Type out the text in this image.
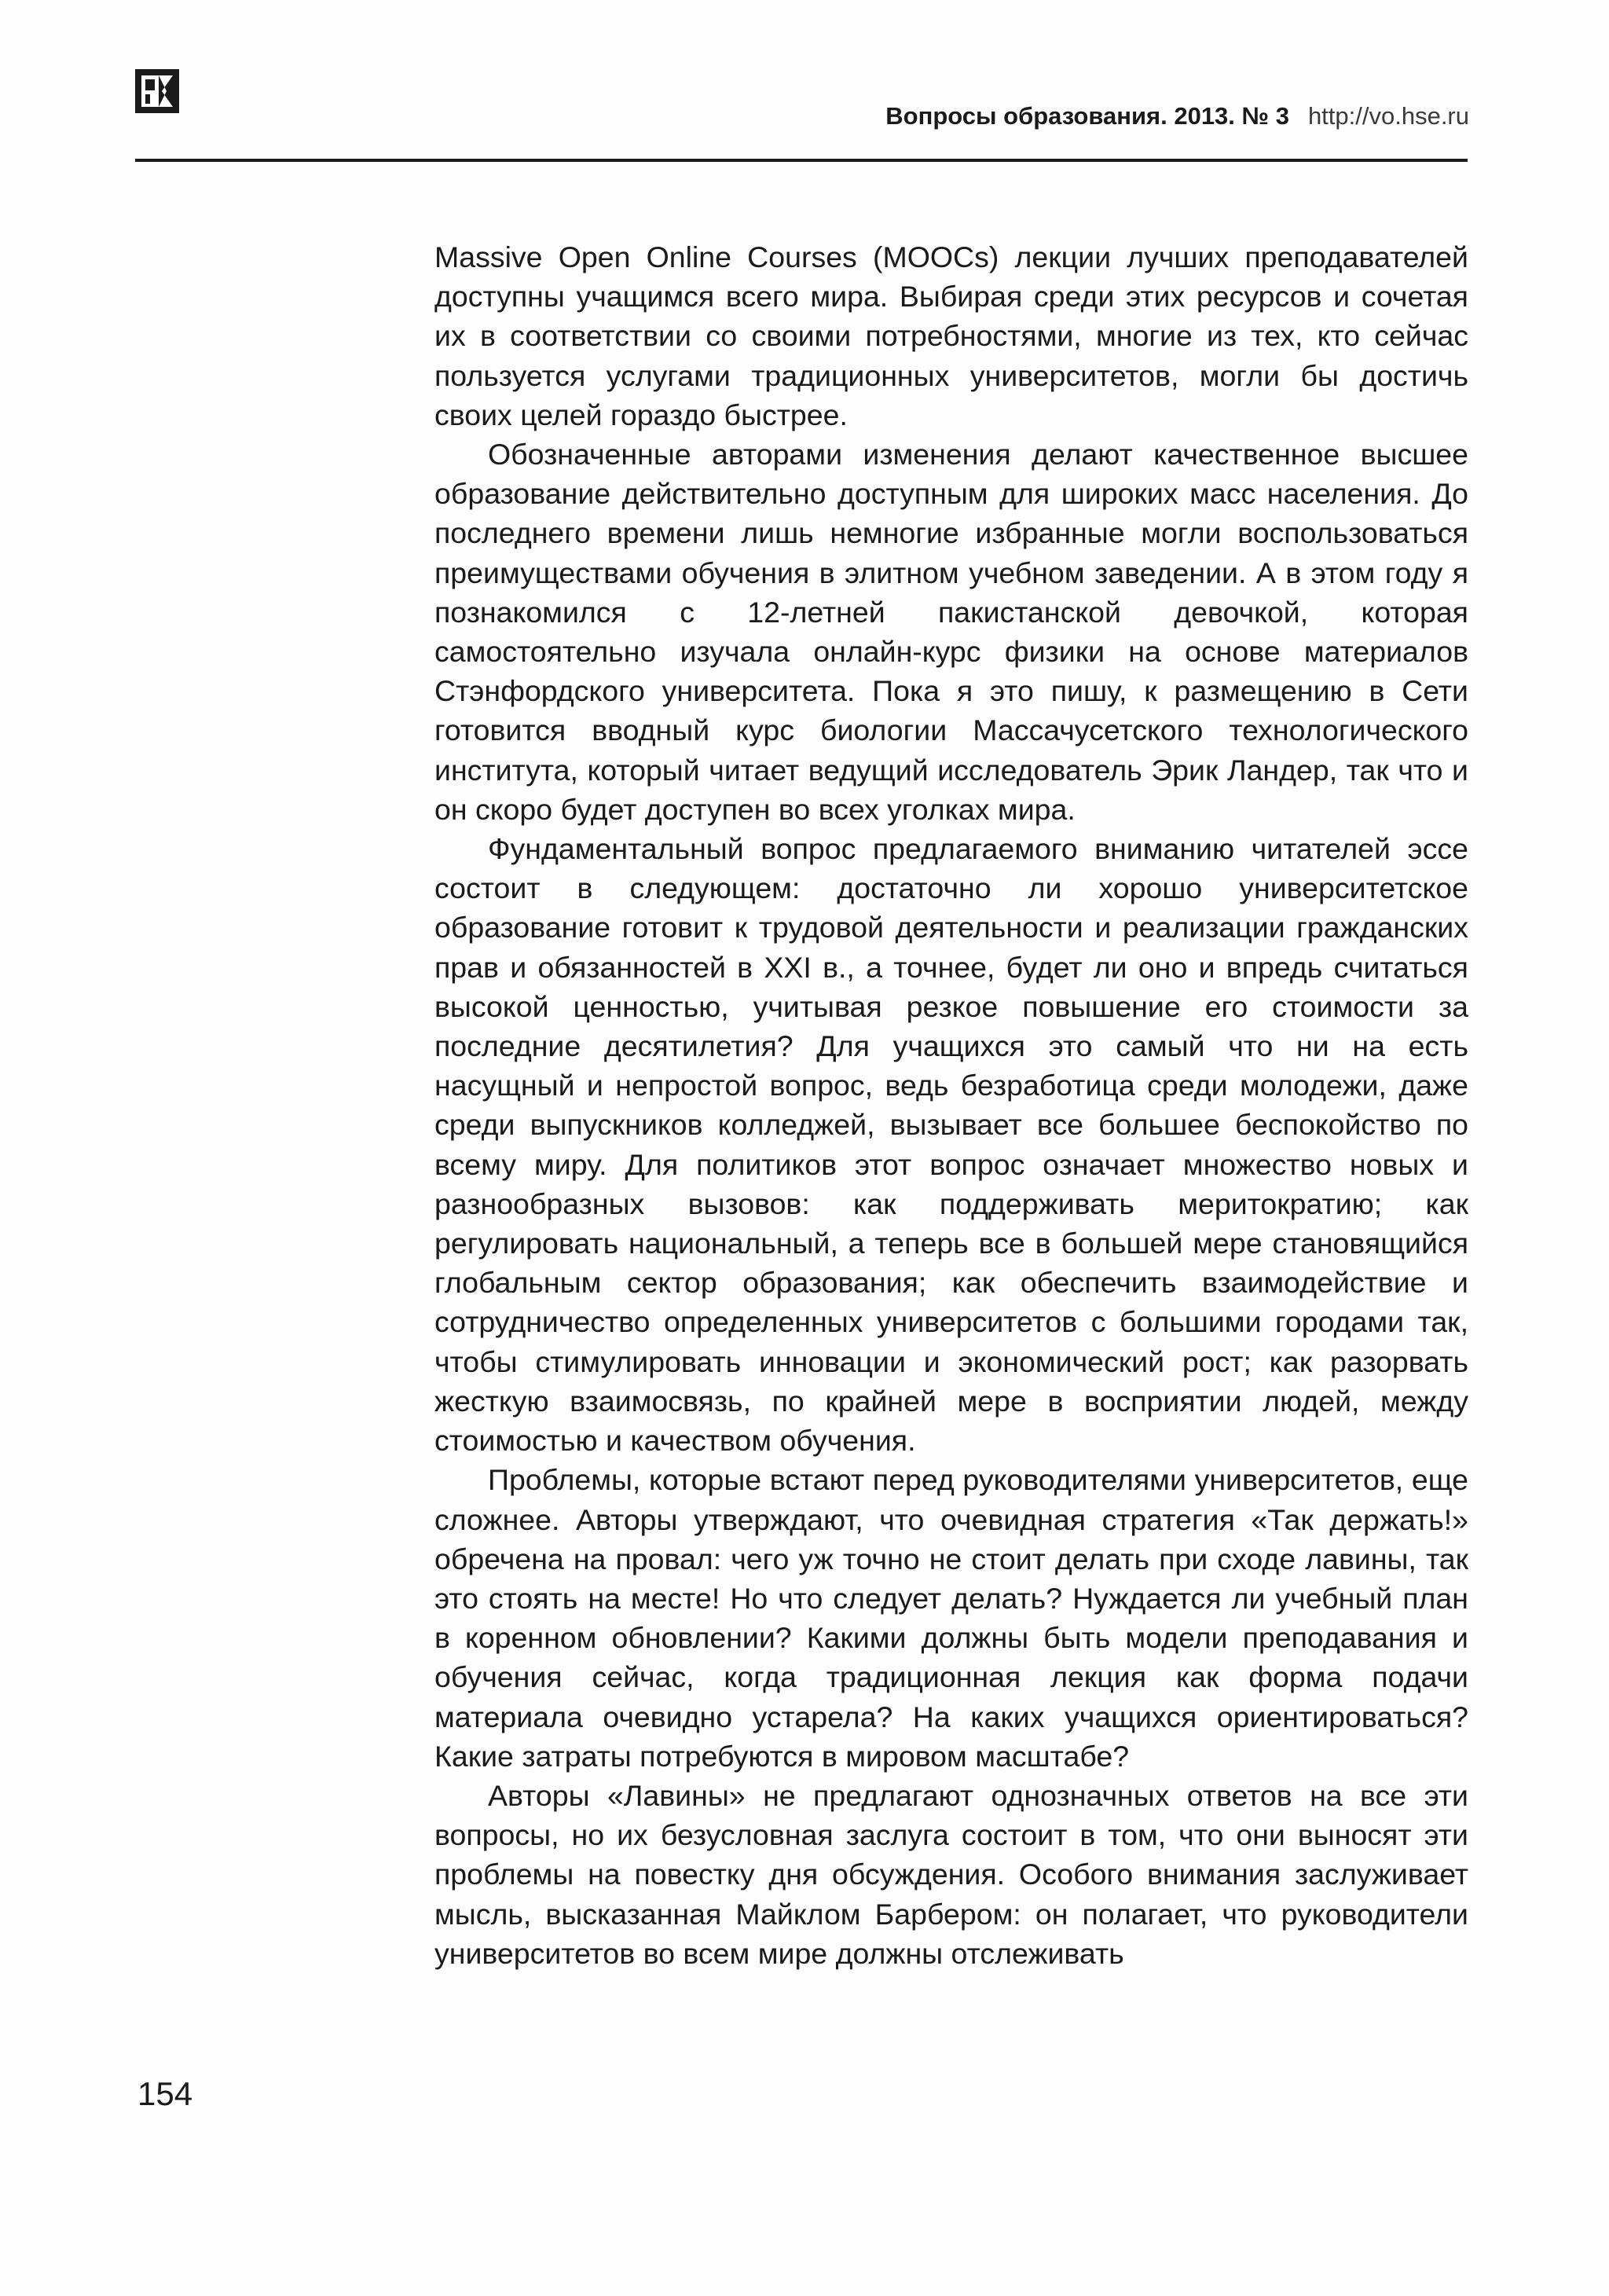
Вопросы образования. 2013. № 3 http://vo.hse.ru

Massive Open Online Courses (MOOCs) лекции лучших преподавателей доступны учащимся всего мира. Выбирая среди этих ресурсов и сочетая их в соответствии со своими потребностями, многие из тех, кто сейчас пользуется услугами традиционных университетов, могли бы достичь своих целей гораздо быстрее.

Обозначенные авторами изменения делают качественное высшее образование действительно доступным для широких масс населения. До последнего времени лишь немногие избранные могли воспользоваться преимуществами обучения в элитном учебном заведении. А в этом году я познакомился с 12-летней пакистанской девочкой, которая самостоятельно изучала онлайн-курс физики на основе материалов Стэнфордского университета. Пока я это пишу, к размещению в Сети готовится вводный курс биологии Массачусетского технологического института, который читает ведущий исследователь Эрик Ландер, так что и он скоро будет доступен во всех уголках мира.

Фундаментальный вопрос предлагаемого вниманию читателей эссе состоит в следующем: достаточно ли хорошо университетское образование готовит к трудовой деятельности и реализации гражданских прав и обязанностей в XXI в., а точнее, будет ли оно и впредь считаться высокой ценностью, учитывая резкое повышение его стоимости за последние десятилетия? Для учащихся это самый что ни на есть насущный и непростой вопрос, ведь безработица среди молодежи, даже среди выпускников колледжей, вызывает все большее беспокойство по всему миру. Для политиков этот вопрос означает множество новых и разнообразных вызовов: как поддерживать меритократию; как регулировать национальный, а теперь все в большей мере становящийся глобальным сектор образования; как обеспечить взаимодействие и сотрудничество определенных университетов с большими городами так, чтобы стимулировать инновации и экономический рост; как разорвать жесткую взаимосвязь, по крайней мере в восприятии людей, между стоимостью и качеством обучения.

Проблемы, которые встают перед руководителями университетов, еще сложнее. Авторы утверждают, что очевидная стратегия «Так держать!» обречена на провал: чего уж точно не стоит делать при сходе лавины, так это стоять на месте! Но что следует делать? Нуждается ли учебный план в коренном обновлении? Какими должны быть модели преподавания и обучения сейчас, когда традиционная лекция как форма подачи материала очевидно устарела? На каких учащихся ориентироваться? Какие затраты потребуются в мировом масштабе?

Авторы «Лавины» не предлагают однозначных ответов на все эти вопросы, но их безусловная заслуга состоит в том, что они выносят эти проблемы на повестку дня обсуждения. Особого внимания заслуживает мысль, высказанная Майклом Барбером: он полагает, что руководители университетов во всем мире должны отслеживать

154
